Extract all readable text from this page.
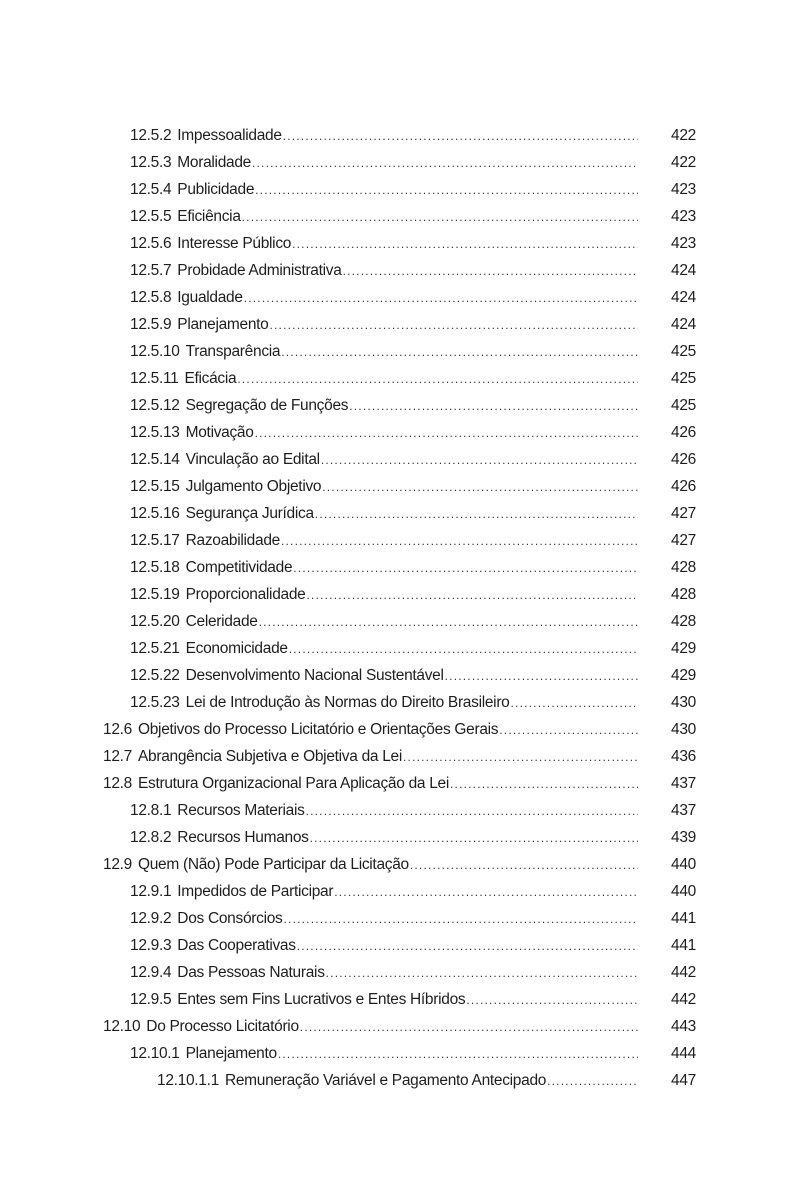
12.5.2 Impessoalidade .....	422
12.5.3 Moralidade .....	422
12.5.4 Publicidade .....	423
12.5.5 Eficiência .....	423
12.5.6 Interesse Público .....	423
12.5.7 Probidade Administrativa .....	424
12.5.8 Igualdade .....	424
12.5.9 Planejamento .....	424
12.5.10 Transparência .....	425
12.5.11 Eficácia .....	425
12.5.12 Segregação de Funções .....	425
12.5.13 Motivação .....	426
12.5.14 Vinculação ao Edital .....	426
12.5.15 Julgamento Objetivo .....	426
12.5.16 Segurança Jurídica .....	427
12.5.17 Razoabilidade .....	427
12.5.18 Competitividade .....	428
12.5.19 Proporcionalidade .....	428
12.5.20 Celeridade .....	428
12.5.21 Economicidade .....	429
12.5.22 Desenvolvimento Nacional Sustentável .....	429
12.5.23 Lei de Introdução às Normas do Direito Brasileiro .....	430
12.6 Objetivos do Processo Licitatório e Orientações Gerais .....	430
12.7 Abrangência Subjetiva e Objetiva da Lei .....	436
12.8 Estrutura Organizacional Para Aplicação da Lei .....	437
12.8.1 Recursos Materiais .....	437
12.8.2 Recursos Humanos .....	439
12.9 Quem (Não) Pode Participar da Licitação .....	440
12.9.1 Impedidos de Participar .....	440
12.9.2 Dos Consórcios .....	441
12.9.3 Das Cooperativas .....	441
12.9.4 Das Pessoas Naturais .....	442
12.9.5 Entes sem Fins Lucrativos e Entes Híbridos .....	442
12.10 Do Processo Licitatório .....	443
12.10.1 Planejamento .....	444
12.10.1.1 Remuneração Variável e Pagamento Antecipado .....	447
